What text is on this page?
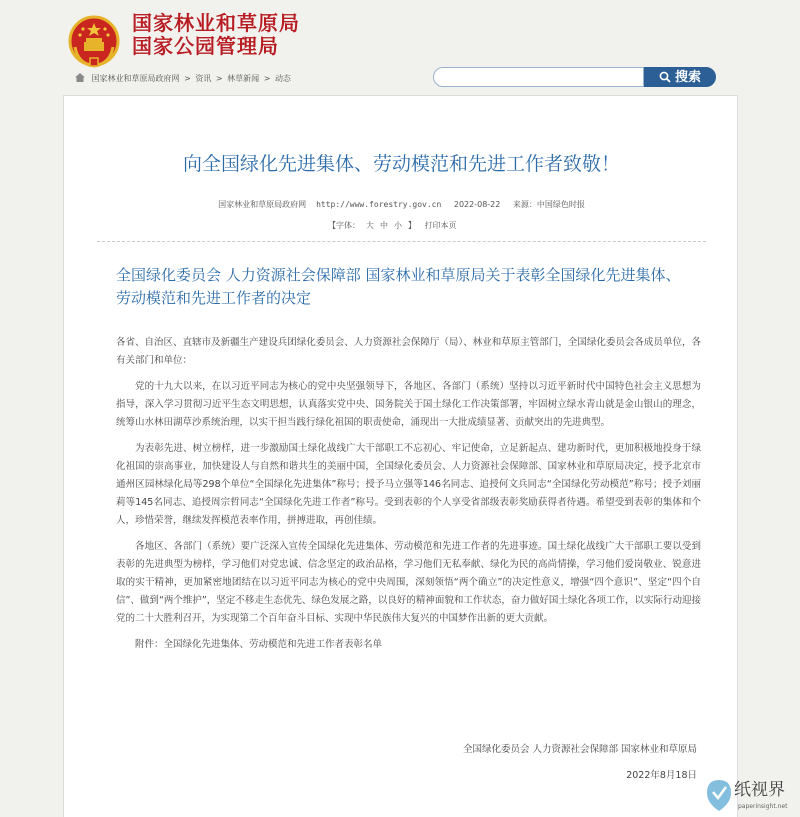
国家林业和草原局
国家公园管理局
国家林业和草原局政府网 > 资讯 > 林草新闻 > 动态	搜索
向全国绿化先进集体、劳动模范和先进工作者致敬！
国家林业和草原局政府网 http://www.forestry.gov.cn 2022-08-22 来源：中国绿色时报
【字体： 大 中 小 】 打印本页
全国绿化委员会 人力资源社会保障部 国家林业和草原局关于表彰全国绿化先进集体、劳动模范和先进工作者的决定

各省、自治区、直辖市及新疆生产建设兵团绿化委员会、人力资源社会保障厅（局）、林业和草原主管部门，全国绿化委员会各成员单位，各有关部门和单位：

党的十九大以来，在以习近平同志为核心的党中央坚强领导下，各地区、各部门（系统）坚持以习近平新时代中国特色社会主义思想为指导，深入学习贯彻习近平生态文明思想，认真落实党中央、国务院关于国土绿化工作决策部署，牢固树立绿水青山就是金山银山的理念，统筹山水林田湖草沙系统治理，以实干担当践行绿化祖国的职责使命，涌现出一大批成绩显著、贡献突出的先进典型。

为表彰先进、树立榜样，进一步激励国土绿化战线广大干部职工不忘初心、牢记使命，立足新起点、建功新时代，更加积极地投身于绿化祖国的崇高事业，加快建设人与自然和谐共生的美丽中国，全国绿化委员会、人力资源社会保障部、国家林业和草原局决定，授予北京市通州区园林绿化局等298个单位“全国绿化先进集体”称号；授予马立强等146名同志、追授何文兵同志“全国绿化劳动模范”称号；授予刘丽莉等145名同志、追授周宗哲同志“全国绿化先进工作者”称号。受到表彰的个人享受省部级表彰奖励获得者待遇。希望受到表彰的集体和个人，珍惜荣誉，继续发挥模范表率作用，拼搏进取，再创佳绩。

各地区、各部门（系统）要广泛深入宣传全国绿化先进集体、劳动模范和先进工作者的先进事迹。国土绿化战线广大干部职工要以受到表彰的先进典型为榜样，学习他们对党忠诚、信念坚定的政治品格，学习他们无私奉献、绿化为民的高尚情操，学习他们爱岗敬业、锐意进取的实干精神，更加紧密地团结在以习近平同志为核心的党中央周围，深刻领悟“两个确立”的决定性意义，增强“四个意识”、坚定“四个自信”、做到“两个维护”，坚定不移走生态优先、绿色发展之路，以良好的精神面貌和工作状态，奋力做好国土绿化各项工作，以实际行动迎接党的二十大胜利召开，为实现第二个百年奋斗目标、实现中华民族伟大复兴的中国梦作出新的更大贡献。

附件：全国绿化先进集体、劳动模范和先进工作者表彰名单

全国绿化委员会 人力资源社会保障部 国家林业和草原局
2022年8月18日
纸视界
paperinsight.net
